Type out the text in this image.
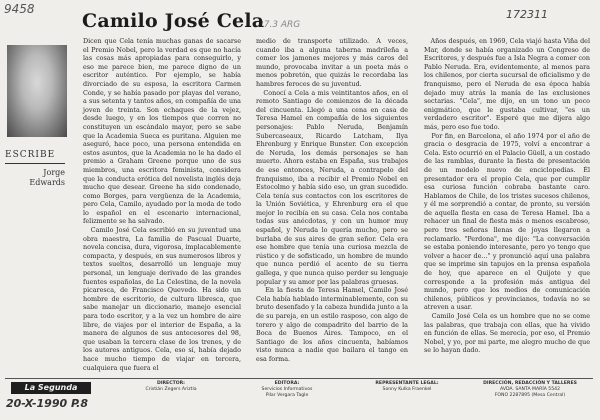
9458
27.3 ARG
172311
Camilo José Cela
ESCRIBE
Jorge
Edwards
Dicen que Cela tenía muchas ganas de sacarse el Premio Nobel, pero la verdad es que no hacía las cosas más apropiadas para conseguirlo, y eso me parece bien, me parece digno de un escritor auténtico. Por ejemplo, se había divorciado de su esposa, la escritora Carmen Conde, y se había pasado por playas del verano, a sus setenta y tantos años, en compañía de una joven de treinta. Son echaques de la vejez, desde luego, y en los tiempos que corren no constituyen un escándalo mayor, pero se sabe que la Academia Sueca es puritana. Alguien me aseguró, hace poco, una persona entendida en estos asuntos, que la Academia no le ha dado el premio a Graham Greene porque uno de sus miembros, una escritora feminista, considera que la conducta erótica del novelista inglés deja mucho que desear. Greene ha sido condenado, como Borges, para vergüenza de la Academia, pero Cela, Camilo, ayudado por la moda de todo lo español en el escenario internacional, felizmente se ha salvado.
Camilo José Cela escribió en su juventud una obra maestra, La familia de Pascual Duarte, novela concisa, dura, vigorosa, implacablemente compacta, y después, en sus numerosos libros y textos sueltos, desarrolló un lenguaje muy personal, un lenguaje derivado de las grandes fuentes españolas, de La Celestina, de la novela picaresca, de Francisco Quevedo. Ha sido un hombre de escritorio, de cultura libresca, que sabe manejar un diccionario, manejo esencial para todo escritor, y a la vez un hombre de aire libre, de viajes por el interior de España, a la manera de algunos de sus antecesores del 98, que usaban la tercera clase de los trenes, y de los autores antiguos. Cela, eso sí, había dejado hace mucho tiempo de viajar en tercera, cualquiera que fuera el
medio de transporte utilizado. A veces, cuando iba a alguna taberna madrileña a comer los jamones mejores y más caros del mundo, provocaba invitar a un poeta más o menos pobretón, que quizás le recordaba las hambres feroces de su juventud.
Conocí a Cela a mis veintitantos años, en el remoto Santiago de comienzos de la década del cincuenta. Llegó a una cena en casa de Teresa Hamel en compañía de los siguientes personajes: Pablo Neruda, Benjamín Subercaseaux, Ricardo Latcham, Ilya Ehrenburg y Enrique Bunster. Con excepción de Neruda, los demás personajes se han muerto. Ahora estaba en España, sus trabajos de ese entonces, Neruda, a contrapelo del franquismo, iba a recibir el Premio Nobel en Estocolmo y había sido eso, un gran sucedido. Cela tenía sus contactos con los escritores de la Unión Soviética, y Ehrenburg era el que mejor lo recibía en su casa. Cela nos contaba todas sus anécdotas, y con un humor muy español, y Neruda lo quería mucho, pero se burlaba de sus aires de gran señor. Cela era ese hombre que tenía una curiosa mezcla de rústico y de sofisticado, un hombre de mundo que nunca perdió el acento de su tierra gallega, y que nunca quiso perder su lenguaje popular y su amor por las palabras gruesas.
En la fiesta de Teresa Hamel, Camilo José Cela había hablado interminablemente, con su bruto desenfado y la cabeza hundida junto a la de su pareja, en un estilo rasposo, con algo de torero y algo de compadrito del barrio de la Boca de Buenos Aires. Tampoco, en el Santiago de los años cincuenta, habíamos visto nunca a nadie que bailara el tango en esa forma.
Años después, en 1969, Cela viajó hasta Viña del Mar, donde se había organizado un Congreso de Escritores, y después fue a Isla Negra a comer con Pablo Neruda. Era, evidentemente, al menos para los chilenos, por cierta sucursal de oficialismo y de franquismo, pero el Neruda de esa época había dejado muy atrás la manía de las exclusiones sectarias. "Cela", me dijo, en un tono un poco enigmático, que le gustaba cultivar, "es un verdadero escritor". Esperé que me dijera algo más, pero eso fue todo.
Por fin, en Barcelona, el año 1974 por el año de gracia o desgracia de 1975, volví a encontrar a Cela. Esto ocurrió en el Palacio Güell, a un costado de las ramblas, durante la fiesta de presentación de un modelo nuevo de enciclopedias. Él presentador era el propio Cela, que por cumplir esa curiosa función cobraba bastante caro. Hablamos de Chile, de los tristes sucesos chilenos, y él me sorprendió a contar, de pronto, su versión de aquella fiesta en casa de Teresa Hamel. Iba a rehacer un final de fiesta más o menos escabroso, pero tres señoras llenas de joyas llegaron a reclamarlo. "Perdona", me dijo: "La conversación se estaba poniendo interesante, pero yo tengo que volver a hacer de..." y pronunció aquí una palabra que se imprime sin tapujos en la prensa española de hoy, que aparece en el Quijote y que corresponde a la profesión más antigua del mundo, pero que los medios de comunicación chilenos, públicos y provincianos, todavía no se atreven a usar.
Camilo José Cela es un hombre que no se come las palabras, que trabaja con ellas, que ha vivido en función de ellas. Se merecía, por eso, el Premio Nobel, y yo, por mi parte, me alegro mucho de que se lo hayan dado.
La Segunda	DIRECTOR:
Cristián Zegers Ariztía
EDITORA:
Servicios Informativos
Pilar Vergara Tagle
REPRESENTANTE LEGAL:
Sonny Kulka Fraenkel
DIRECCIÓN, REDACCIÓN Y TALLERES
AVDA. SANTA MARÍA 5542
FONO 2287895 (Mesa Central)
20-X-1990 P.8
